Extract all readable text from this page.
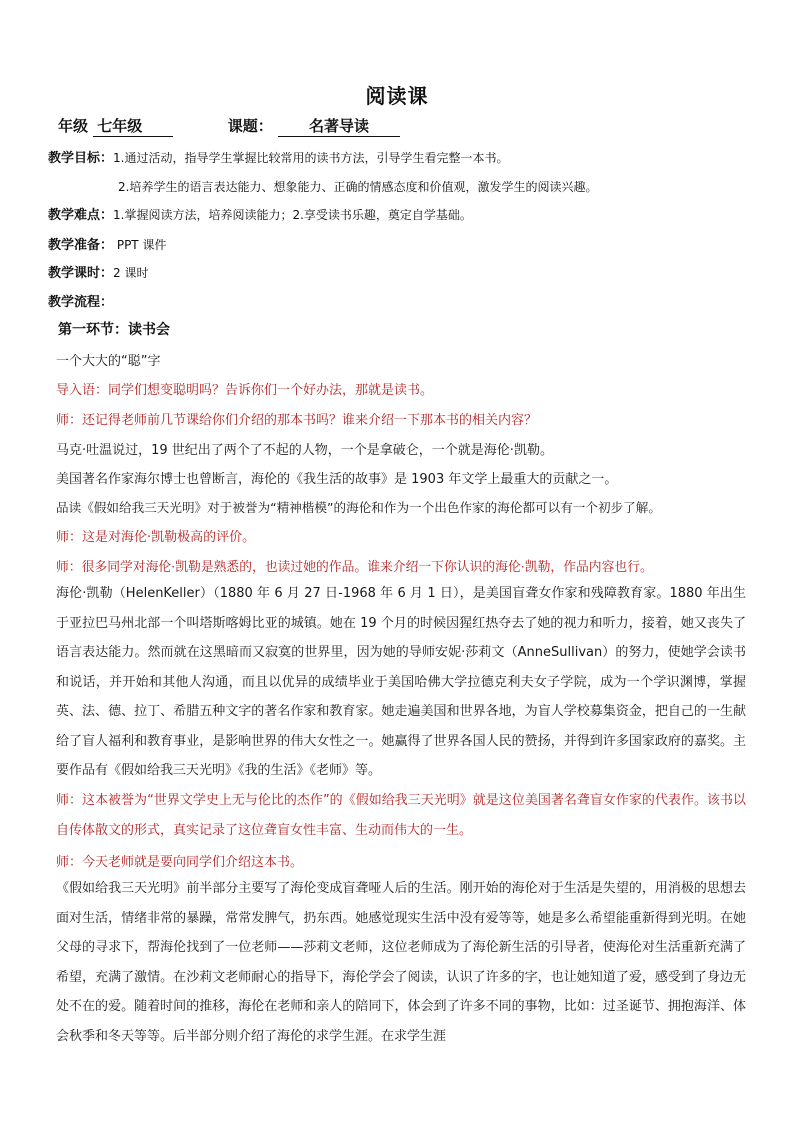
阅读课
年级 七年级	课题： 名著导读
教学目标：1.通过活动，指导学生掌握比较常用的读书方法，引导学生看完整一本书。
2.培养学生的语言表达能力、想象能力、正确的情感态度和价值观，激发学生的阅读兴趣。
教学难点：1.掌握阅读方法，培养阅读能力；2.享受读书乐趣，奠定自学基础。
教学准备： PPT 课件
教学课时：2 课时
教学流程：
第一环节：读书会
一个大大的“聪”字
导入语：同学们想变聪明吗？告诉你们一个好办法，那就是读书。
师：还记得老师前几节课给你们介绍的那本书吗？谁来介绍一下那本书的相关内容？
马克·吐温说过，19 世纪出了两个了不起的人物，一个是拿破仑，一个就是海伦·凯勒。
美国著名作家海尔博士也曾断言，海伦的《我生活的故事》是 1903 年文学上最重大的贡献之一。
品读《假如给我三天光明》对于被誉为“精神楷模”的海伦和作为一个出色作家的海伦都可以有一个初步了解。
师：这是对海伦·凯勒极高的评价。
师：很多同学对海伦·凯勒是熟悉的，也读过她的作品。谁来介绍一下你认识的海伦·凯勒，作品内容也行。
海伦·凯勒（HelenKeller）（1880 年 6 月 27 日-1968 年 6 月 1 日），是美国盲聋女作家和残障教育家。1880 年出生于亚拉巴马州北部一个叫塔斯喀姆比亚的城镇。她在 19 个月的时候因猩红热夺去了她的视力和听力，接着，她又丧失了语言表达能力。然而就在这黑暗而又寂寞的世界里，因为她的导师安妮·莎莉文（AnneSullivan）的努力，使她学会读书和说话，并开始和其他人沟通，而且以优异的成绩毕业于美国哈佛大学拉德克利夫女子学院，成为一个学识渊博，掌握英、法、德、拉丁、希腊五种文字的著名作家和教育家。她走遍美国和世界各地，为盲人学校募集资金，把自己的一生献给了盲人福利和教育事业，是影响世界的伟大女性之一。她赢得了世界各国人民的赞扬，并得到许多国家政府的嘉奖。主要作品有《假如给我三天光明》《我的生活》《老师》等。
师：这本被誉为“世界文学史上无与伦比的杰作”的《假如给我三天光明》就是这位美国著名聋盲女作家的代表作。该书以自传体散文的形式，真实记录了这位聋盲女性丰富、生动而伟大的一生。
师：今天老师就是要向同学们介绍这本书。
《假如给我三天光明》前半部分主要写了海伦变成盲聋哑人后的生活。刚开始的海伦对于生活是失望的，用消极的思想去面对生活，情绪非常的暴躁，常常发脾气，扔东西。她感觉现实生活中没有爱等等，她是多么希望能重新得到光明。在她父母的寻求下，帮海伦找到了一位老师——莎莉文老师，这位老师成为了海伦新生活的引导者，使海伦对生活重新充满了希望，充满了激情。在沙莉文老师耐心的指导下，海伦学会了阅读，认识了许多的字，也让她知道了爱，感受到了身边无处不在的爱。随着时间的推移，海伦在老师和亲人的陪同下，体会到了许多不同的事物，比如：过圣诞节、拥抱海洋、体会秋季和冬天等等。后半部分则介绍了海伦的求学生涯。在求学生涯
